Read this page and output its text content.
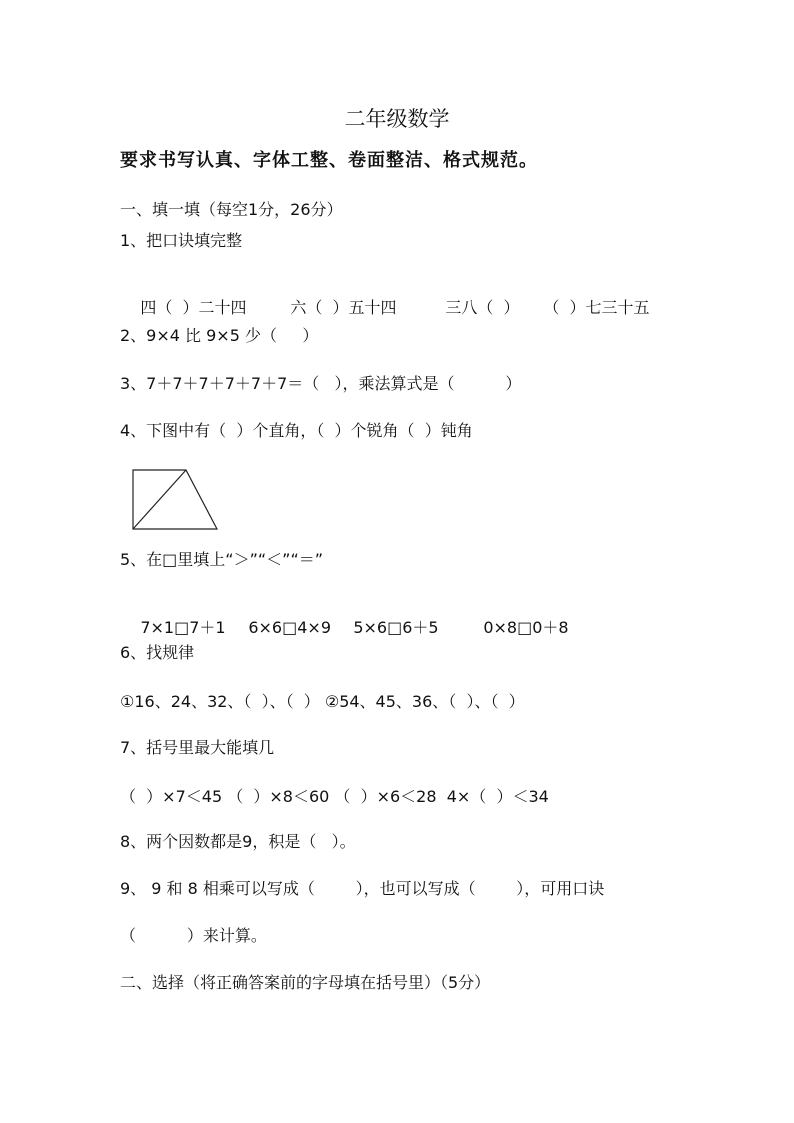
二年级数学
要求书写认真、字体工整、卷面整洁、格式规范。
一、填一填（每空1分，26分）
1、把口诀填完整

四（  ）二十四	六（  ）五十四	三八（  ） （  ）七三十五

2、9×4 比 9×5 少（     ）
3、7＋7＋7＋7＋7＋7＝（   ），乘法算式是（          ）
4、下图中有（  ）个直角，（  ）个锐角（  ）钝角
5、在□里填上“＞”“＜”“＝”

7×1□7＋1 6×6□4×9 5×6□6＋5	0×8□0＋8

6、找规律
①16、24、32、（  ）、（  ） ②54、45、36、（  ）、（  ）
7、括号里最大能填几
（  ）×7＜45 （  ）×8＜60 （  ）×6＜28  4×（  ）＜34
8、两个因数都是9，积是（   ）。
9、 9 和 8 相乘可以写成（        ），也可以写成（        ），可用口诀
（          ）来计算。
二、选择（将正确答案前的字母填在括号里）（5分）
